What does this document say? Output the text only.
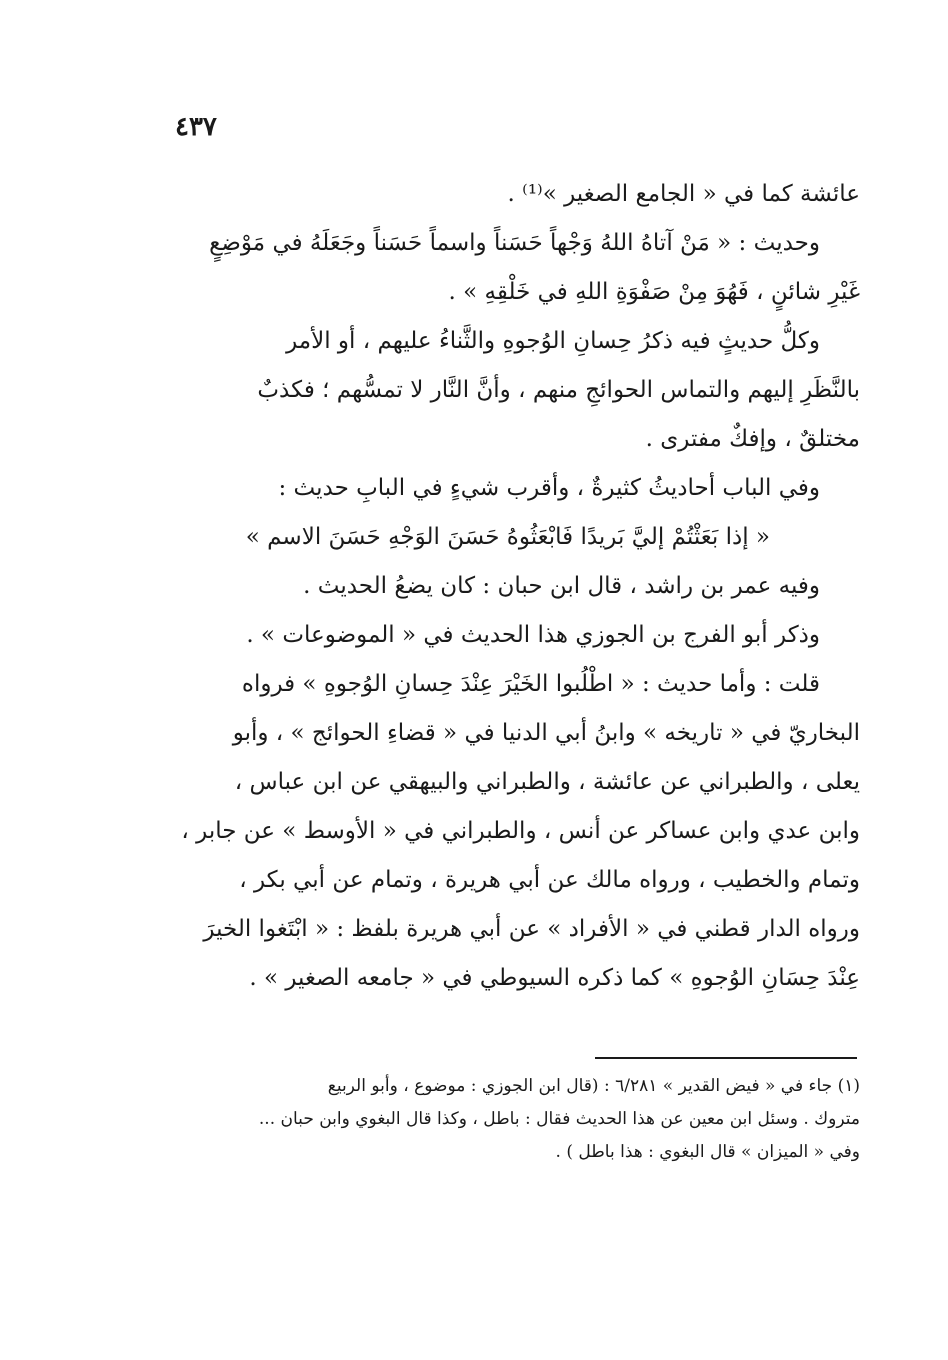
٤٣٧
عائشة كما في « الجامع الصغير »⁽¹⁾ .
وحديث : « مَنْ آتاهُ اللهُ وَجْهاً حَسَناً واسماً حَسَناً وجَعَلَهُ في مَوْضِعٍ
غَيْرِ شائنٍ ، فَهُوَ مِنْ صَفْوَةِ اللهِ في خَلْقِهِ » .
وكلُّ حديثٍ فيه ذكرُ حِسانِ الوُجوهِ والثَّناءُ عليهم ، أو الأمر
بالنَّظَرِ إليهم والتماس الحوائجِ منهم ، وأنَّ النَّار لا تمسُّهم ؛ فكذبٌ
مختلقٌ ، وإفكٌ مفترى .
وفي الباب أحاديثُ كثيرةٌ ، وأقرب شيءٍ في البابِ حديث :
« إذا بَعَثْتُمْ إليَّ بَريدًا فَابْعَثُوهُ حَسَنَ الوَجْهِ حَسَنَ الاسم »
وفيه عمر بن راشد ، قال ابن حبان : كان يضعُ الحديث .
وذكر أبو الفرج بن الجوزي هذا الحديث في « الموضوعات » .
قلت : وأما حديث : « اطْلُبوا الخَيْرَ عِنْدَ حِسانِ الوُجوهِ » فرواه
البخاريّ في « تاريخه » وابنُ أبي الدنيا في « قضاءِ الحوائج » ، وأبو
يعلى ، والطبراني عن عائشة ، والطبراني والبيهقي عن ابن عباس ،
وابن عدي وابن عساكر عن أنس ، والطبراني في « الأوسط » عن جابر ،
وتمام والخطيب ، ورواه مالك عن أبي هريرة ، وتمام عن أبي بكر ،
ورواه الدار قطني في « الأفراد » عن أبي هريرة بلفظ : « ابْتَغوا الخيرَ
عِنْدَ حِسَانِ الوُجوهِ » كما ذكره السيوطي في « جامعه الصغير » .
(١) جاء في « فيض القدير » ٦/٢٨١ : (قال ابن الجوزي : موضوع ، وأبو الربيع
متروك . وسئل ابن معين عن هذا الحديث فقال : باطل ، وكذا قال البغوي وابن حبان ...
وفي « الميزان » قال البغوي : هذا باطل ) .
